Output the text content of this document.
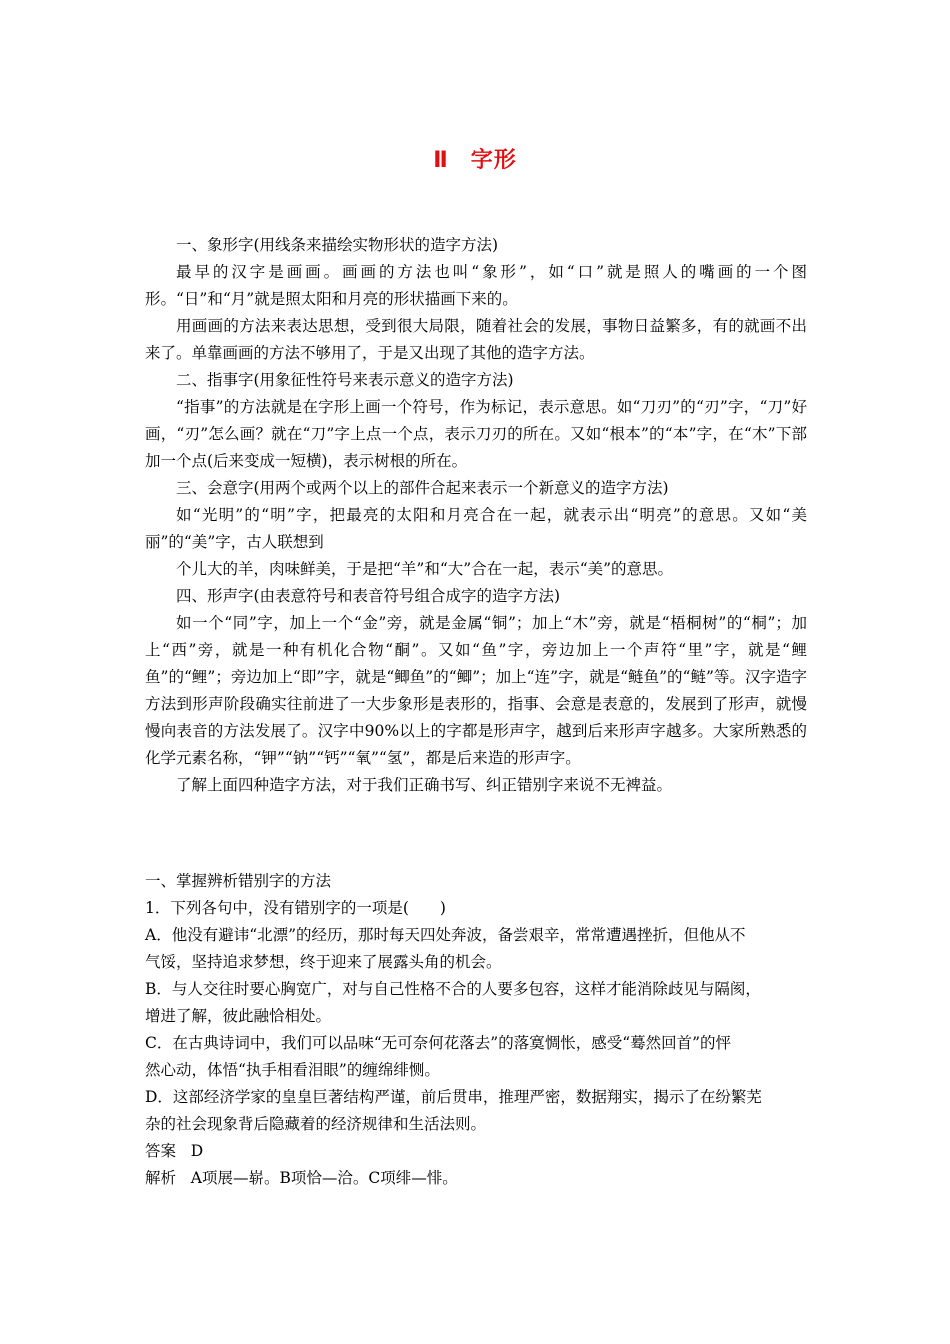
Ⅱ 字形

一、象形字(用线条来描绘实物形状的造字方法)

最早的汉字是画画。画画的方法也叫“象形”，如“口”就是照人的嘴画的一个图形。“日”和“月”就是照太阳和月亮的形状描画下来的。

用画画的方法来表达思想，受到很大局限，随着社会的发展，事物日益繁多，有的就画不出来了。单靠画画的方法不够用了，于是又出现了其他的造字方法。

二、指事字(用象征性符号来表示意义的造字方法)

“指事”的方法就是在字形上画一个符号，作为标记，表示意思。如“刀刃”的“刃”字，“刀”好画，“刃”怎么画？就在“刀”字上点一个点，表示刀刃的所在。又如“根本”的“本”字，在“木”下部加一个点(后来变成一短横)，表示树根的所在。

三、会意字(用两个或两个以上的部件合起来表示一个新意义的造字方法)

如“光明”的“明”字，把最亮的太阳和月亮合在一起，就表示出“明亮”的意思。又如“美丽”的“美”字，古人联想到

个儿大的羊，肉味鲜美，于是把“羊”和“大”合在一起，表示“美”的意思。

四、形声字(由表意符号和表音符号组合成字的造字方法)

如一个“同”字，加上一个“金”旁，就是金属“铜”；加上“木”旁，就是“梧桐树”的“桐”；加上“西”旁，就是一种有机化合物“酮”。又如“鱼”字，旁边加上一个声符“里”字，就是“鲤鱼”的“鲤”；旁边加上“即”字，就是“鲫鱼”的“鲫”；加上“连”字，就是“鲢鱼”的“鲢”等。汉字造字方法到形声阶段确实往前进了一大步象形是表形的，指事、会意是表意的，发展到了形声，就慢慢向表音的方法发展了。汉字中90%以上的字都是形声字，越到后来形声字越多。大家所熟悉的化学元素名称，“钾”“钠”“钙”“氧”“氢”，都是后来造的形声字。

了解上面四种造字方法，对于我们正确书写、纠正错别字来说不无裨益。

一、掌握辨析错别字的方法

1．下列各句中，没有错别字的一项是(　　)

A．他没有避讳“北漂”的经历，那时每天四处奔波，备尝艰辛，常常遭遇挫折，但他从不

气馁，坚持追求梦想，终于迎来了展露头角的机会。

B．与人交往时要心胸宽广，对与自己性格不合的人要多包容，这样才能消除歧见与隔阂，

增进了解，彼此融恰相处。

C．在古典诗词中，我们可以品味“无可奈何花落去”的落寞惆怅，感受“蓦然回首”的怦

然心动，体悟“执手相看泪眼”的缠绵绯恻。

D．这部经济学家的皇皇巨著结构严谨，前后贯串，推理严密，数据翔实，揭示了在纷繁芜

杂的社会现象背后隐藏着的经济规律和生活法则。

答案 D

解析 A项展—崭。B项恰—洽。C项绯—悱。
